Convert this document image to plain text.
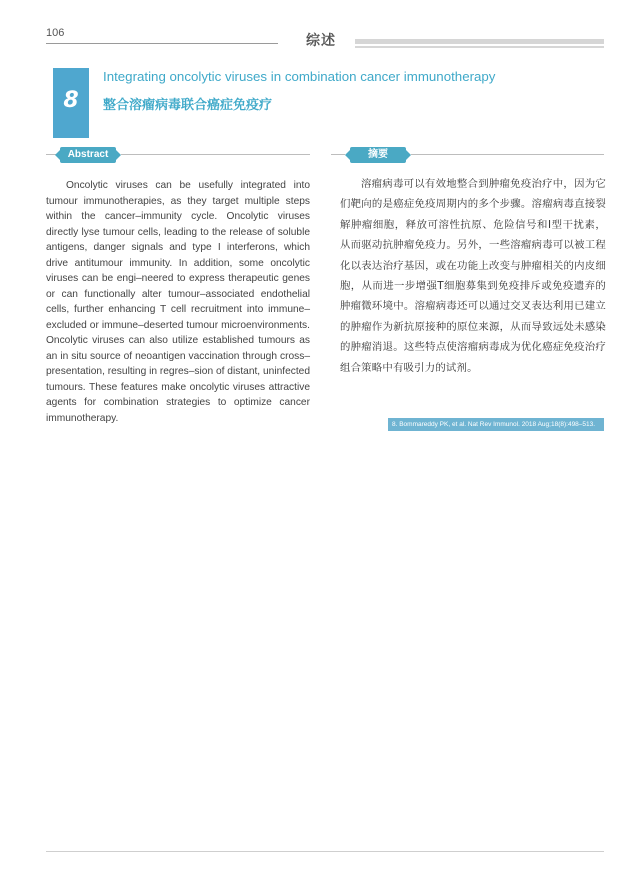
106	综述
8
Integrating oncolytic viruses in combination cancer immunotherapy
整合溶瘤病毒联合癌症免疫疗
Abstract	摘要
Oncolytic viruses can be usefully integrated into tumour immunotherapies, as they target multiple steps within the cancer–immunity cycle. Oncolytic viruses directly lyse tumour cells, leading to the release of soluble antigens, danger signals and type I interferons, which drive antitumour immunity. In addition, some oncolytic viruses can be engi–neered to express therapeutic genes or can functionally alter tumour–associated endothelial cells, further enhancing T cell recruitment into immune–excluded or immune–deserted tumour microenvironments. Oncolytic viruses can also utilize established tumours as an in situ source of neoantigen vaccination through cross–presentation, resulting in regres–sion of distant, uninfected tumours. These features make oncolytic viruses attractive agents for combination strategies to optimize cancer immunotherapy.
溶瘤病毒可以有效地整合到肿瘤免疫治疗中，因为它们靶向的是癌症免疫周期内的多个步骤。溶瘤病毒直接裂解肿瘤细胞，释放可溶性抗原、危险信号和I型干扰素，从而驱动抗肿瘤免疫力。另外，一些溶瘤病毒可以被工程化以表达治疗基因，或在功能上改变与肿瘤相关的内皮细胞，从而进一步增强T细胞募集到免疫排斥或免疫遗弃的肿瘤微环境中。溶瘤病毒还可以通过交叉表达利用已建立的肿瘤作为新抗原接种的原位来源，从而导致远处未感染的肿瘤消退。这些特点使溶瘤病毒成为优化癌症免疫治疗组合策略中有吸引力的试剂。
8. Bommareddy PK, et al. Nat Rev Immunol. 2018 Aug;18(8):498–513.
